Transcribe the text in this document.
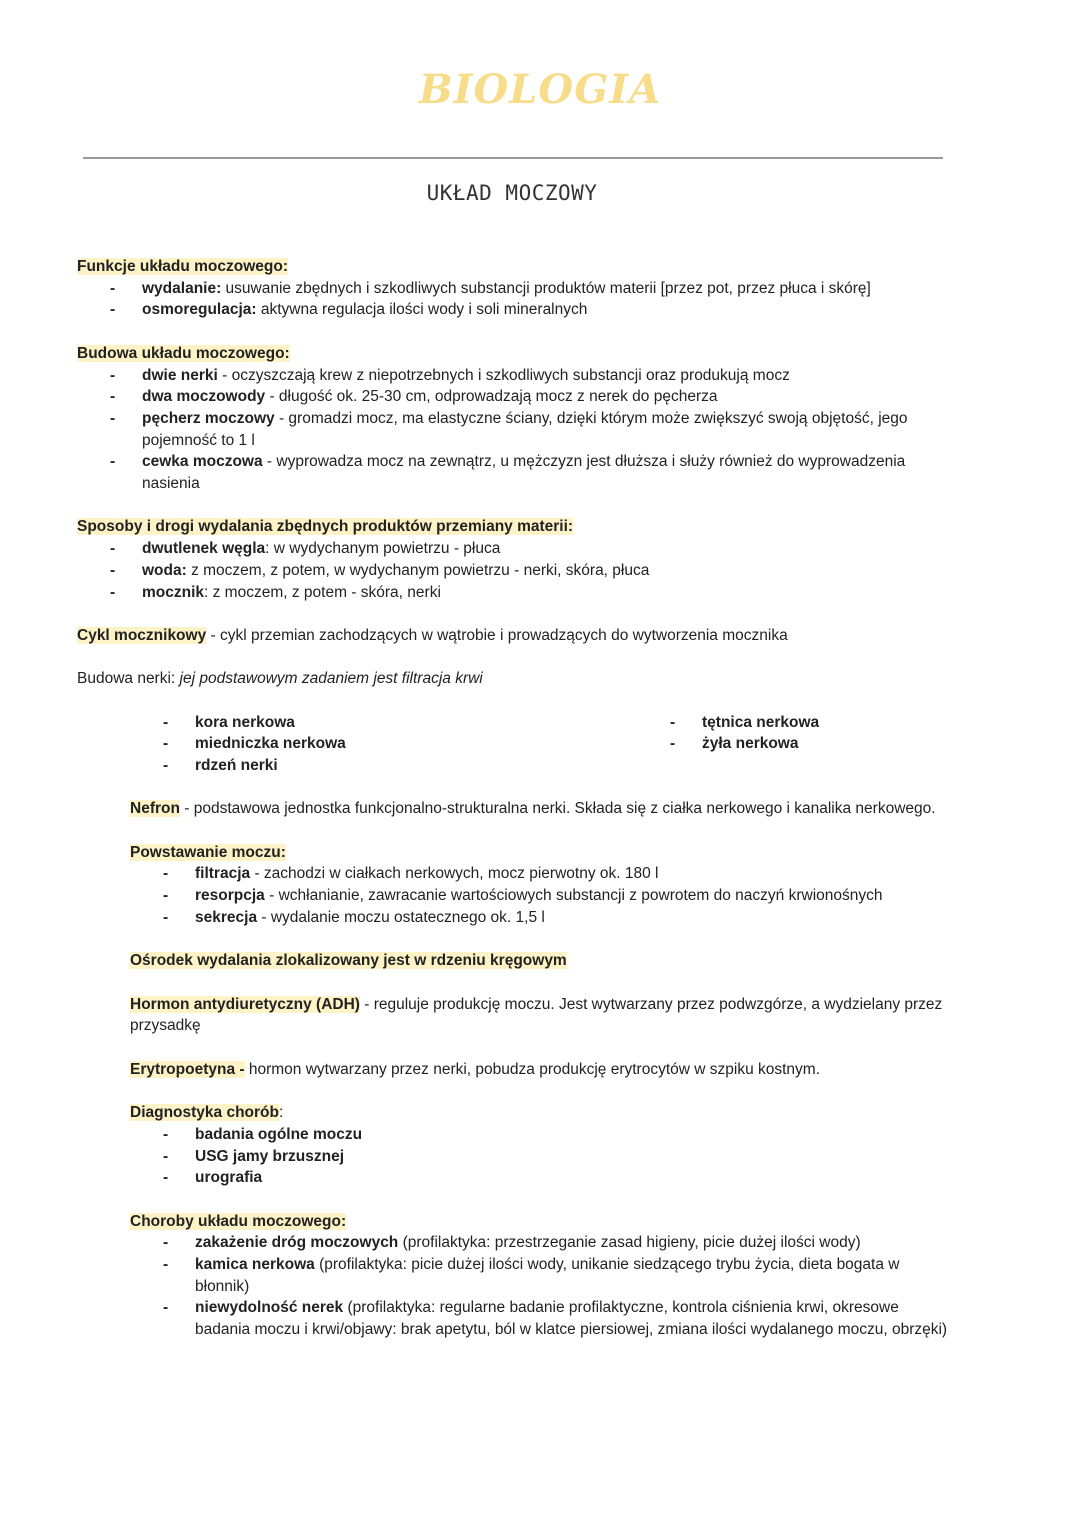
BIOLOGIA
UKŁAD MOCZOWY
Funkcje układu moczowego:
- wydalanie: usuwanie zbędnych i szkodliwych substancji produktów materii [przez pot, przez płuca i skórę]
- osmoregulacja: aktywna regulacja ilości wody i soli mineralnych
Budowa układu moczowego:
- dwie nerki - oczyszczają krew z niepotrzebnych i szkodliwych substancji oraz produkują mocz
- dwa moczowody - długość ok. 25-30 cm, odprowadzają mocz z nerek do pęcherza
- pęcherz moczowy - gromadzi mocz, ma elastyczne ściany, dzięki którym może zwiększyć swoją objętość, jego pojemność to 1 l
- cewka moczowa - wyprowadza mocz na zewnątrz, u mężczyzn jest dłuższa i służy również do wyprowadzenia nasienia
Sposoby i drogi wydalania zbędnych produktów przemiany materii:
- dwutlenek węgla: w wydychanym powietrzu - płuca
- woda: z moczem, z potem, w wydychanym powietrzu - nerki, skóra, płuca
- mocznik: z moczem, z potem - skóra, nerki
Cykl mocznikowy - cykl przemian zachodzących w wątrobie i prowadzących do wytworzenia mocznika
Budowa nerki: jej podstawowym zadaniem jest filtracja krwi
- kora nerkowa
- miedniczka nerkowa
- rdzeń nerki
- tętnica nerkowa
- żyła nerkowa
Nefron - podstawowa jednostka funkcjonalno-strukturalna nerki. Składa się z ciałka nerkowego i kanalika nerkowego.
Powstawanie moczu:
- filtracja - zachodzi w ciałkach nerkowych, mocz pierwotny ok. 180 l
- resorpcja - wchłanianie, zawracanie wartościowych substancji z powrotem do naczyń krwionośnych
- sekrecja - wydalanie moczu ostatecznego ok. 1,5 l
Ośrodek wydalania zlokalizowany jest w rdzeniu kręgowym
Hormon antydiuretyczny (ADH) - reguluje produkcję moczu. Jest wytwarzany przez podwzgórze, a wydzielany przez przysadkę
Erytropoetyna - hormon wytwarzany przez nerki, pobudza produkcję erytrocytów w szpiku kostnym.
Diagnostyka chorób:
- badania ogólne moczu
- USG jamy brzusznej
- urografia
Choroby układu moczowego:
- zakażenie dróg moczowych (profilaktyka: przestrzeganie zasad higieny, picie dużej ilości wody)
- kamica nerkowa (profilaktyka: picie dużej ilości wody, unikanie siedzącego trybu życia, dieta bogata w błonnik)
- niewydolność nerek (profilaktyka: regularne badanie profilaktyczne, kontrola ciśnienia krwi, okresowe badania moczu i krwi/objawy: brak apetytu, ból w klatce piersiowej, zmiana ilości wydalanego moczu, obrzęki)
